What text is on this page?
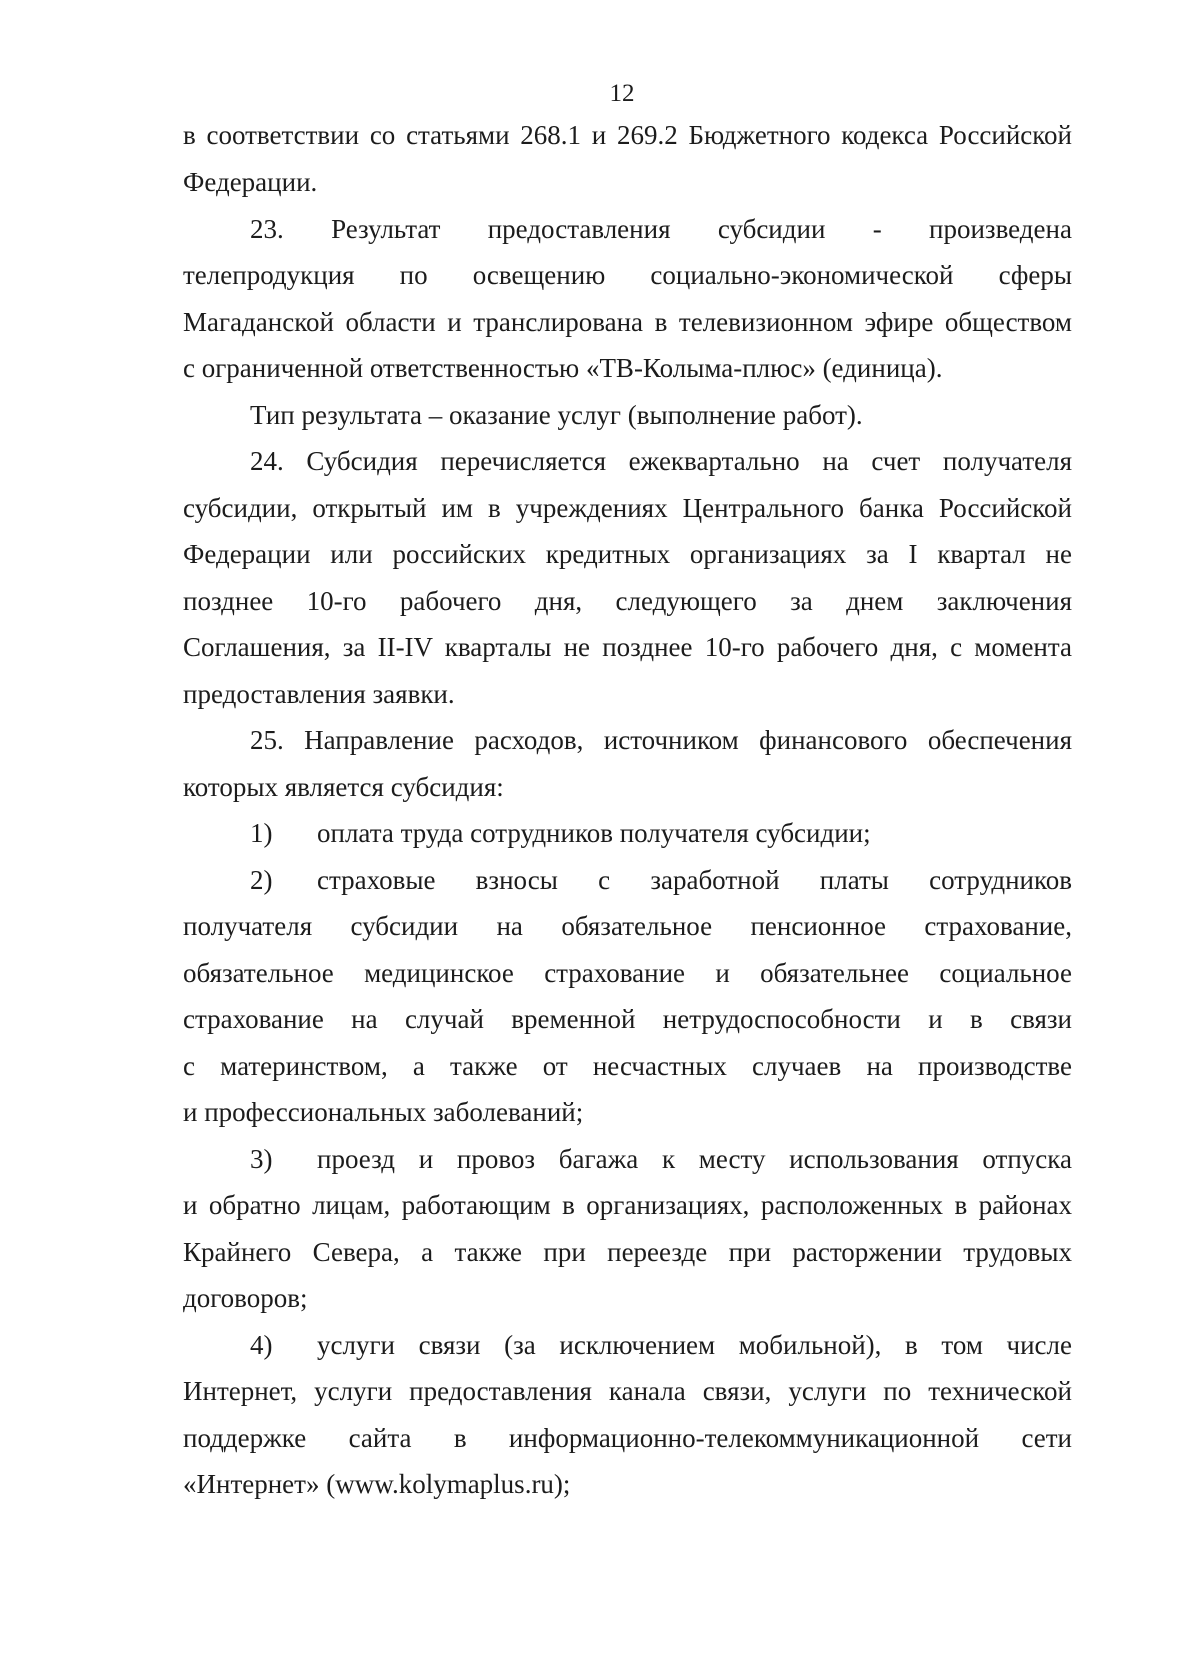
12
в соответствии со статьями 268.1 и 269.2 Бюджетного кодекса Российской
Федерации.
23. Результат предоставления субсидии - произведена
телепродукция по освещению социально-экономической сферы
Магаданской области и транслирована в телевизионном эфире обществом
с ограниченной ответственностью «ТВ-Колыма-плюс» (единица).
Тип результата – оказание услуг (выполнение работ).
24. Субсидия перечисляется ежеквартально на счет получателя
субсидии, открытый им в учреждениях Центрального банка Российской
Федерации или российских кредитных организациях за I квартал не
позднее 10-го рабочего дня, следующего за днем заключения
Соглашения, за II-IV кварталы не позднее 10-го рабочего дня, с момента
предоставления заявки.
25. Направление расходов, источником финансового обеспечения
которых является субсидия:
1) оплата труда сотрудников получателя субсидии;
2) страховые взносы с заработной платы сотрудников
получателя субсидии на обязательное пенсионное страхование,
обязательное медицинское страхование и обязательнее социальное
страхование на случай временной нетрудоспособности и в связи
с материнством, а также от несчастных случаев на производстве
и профессиональных заболеваний;
3) проезд и провоз багажа к месту использования отпуска
и обратно лицам, работающим в организациях, расположенных в районах
Крайнего Севера, а также при переезде при расторжении трудовых
договоров;
4) услуги связи (за исключением мобильной), в том числе
Интернет, услуги предоставления канала связи, услуги по технической
поддержке сайта в информационно-телекоммуникационной сети
«Интернет» (www.kolymaplus.ru);
